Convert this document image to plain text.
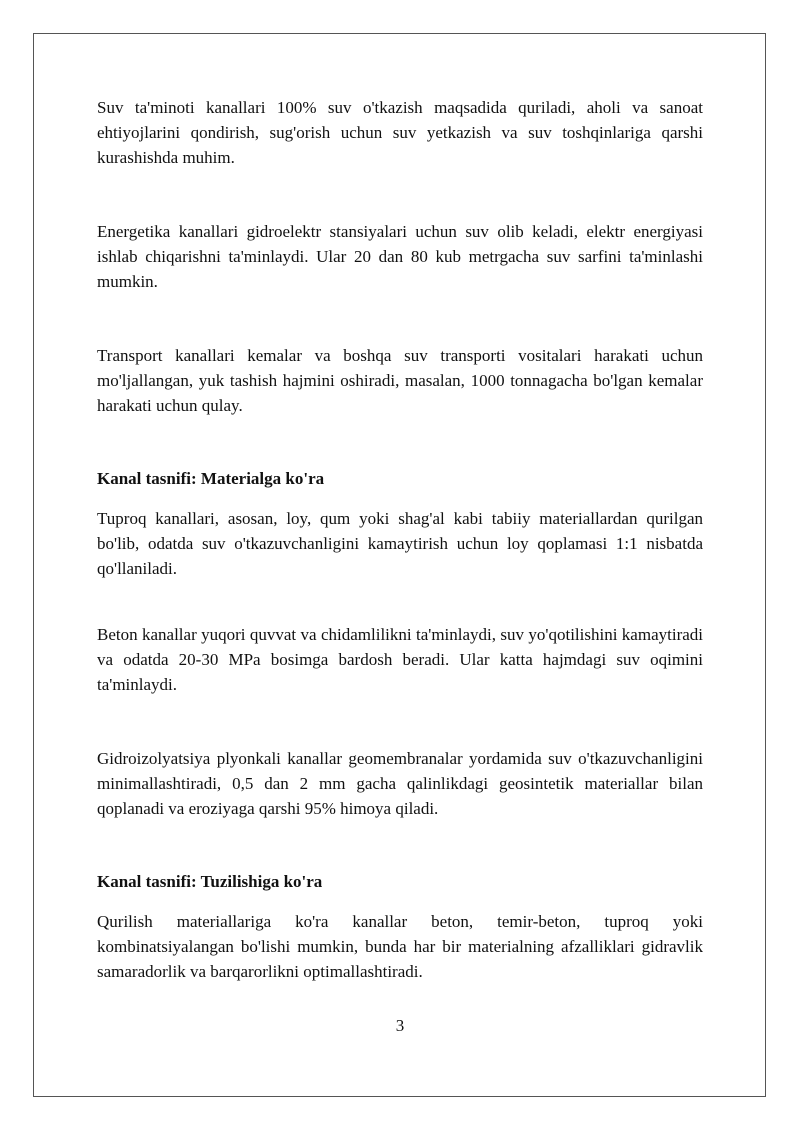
Suv ta'minoti kanallari 100% suv o'tkazish maqsadida quriladi, aholi va sanoat ehtiyojlarini qondirish, sug'orish uchun suv yetkazish va suv toshqinlariga qarshi kurashishda muhim.

Energetika kanallari gidroelektr stansiyalari uchun suv olib keladi, elektr energiyasi ishlab chiqarishni ta'minlaydi. Ular 20 dan 80 kub metrgacha suv sarfini ta'minlashi mumkin.

Transport kanallari kemalar va boshqa suv transporti vositalari harakati uchun mo'ljallangan, yuk tashish hajmini oshiradi, masalan, 1000 tonnagacha bo'lgan kemalar harakati uchun qulay.

Kanal tasnifi: Materialga ko'ra

Tuproq kanallari, asosan, loy, qum yoki shag'al kabi tabiiy materiallardan qurilgan bo'lib, odatda suv o'tkazuvchanligini kamaytirish uchun loy qoplamasi 1:1 nisbatda qo'llaniladi.

Beton kanallar yuqori quvvat va chidamlilikni ta'minlaydi, suv yo'qotilishini kamaytiradi va odatda 20-30 MPa bosimga bardosh beradi. Ular katta hajmdagi suv oqimini ta'minlaydi.

Gidroizolyatsiya plyonkali kanallar geomembranalar yordamida suv o'tkazuvchanligini minimallashtiradi, 0,5 dan 2 mm gacha qalinlikdagi geosintetik materiallar bilan qoplanadi va eroziyaga qarshi 95% himoya qiladi.

Kanal tasnifi: Tuzilishiga ko'ra

Qurilish materiallariga ko'ra kanallar beton, temir-beton, tuproq yoki kombinatsiyalangan bo'lishi mumkin, bunda har bir materialning afzalliklari gidravlik samaradorlik va barqarorlikni optimallashtiradi.

3
